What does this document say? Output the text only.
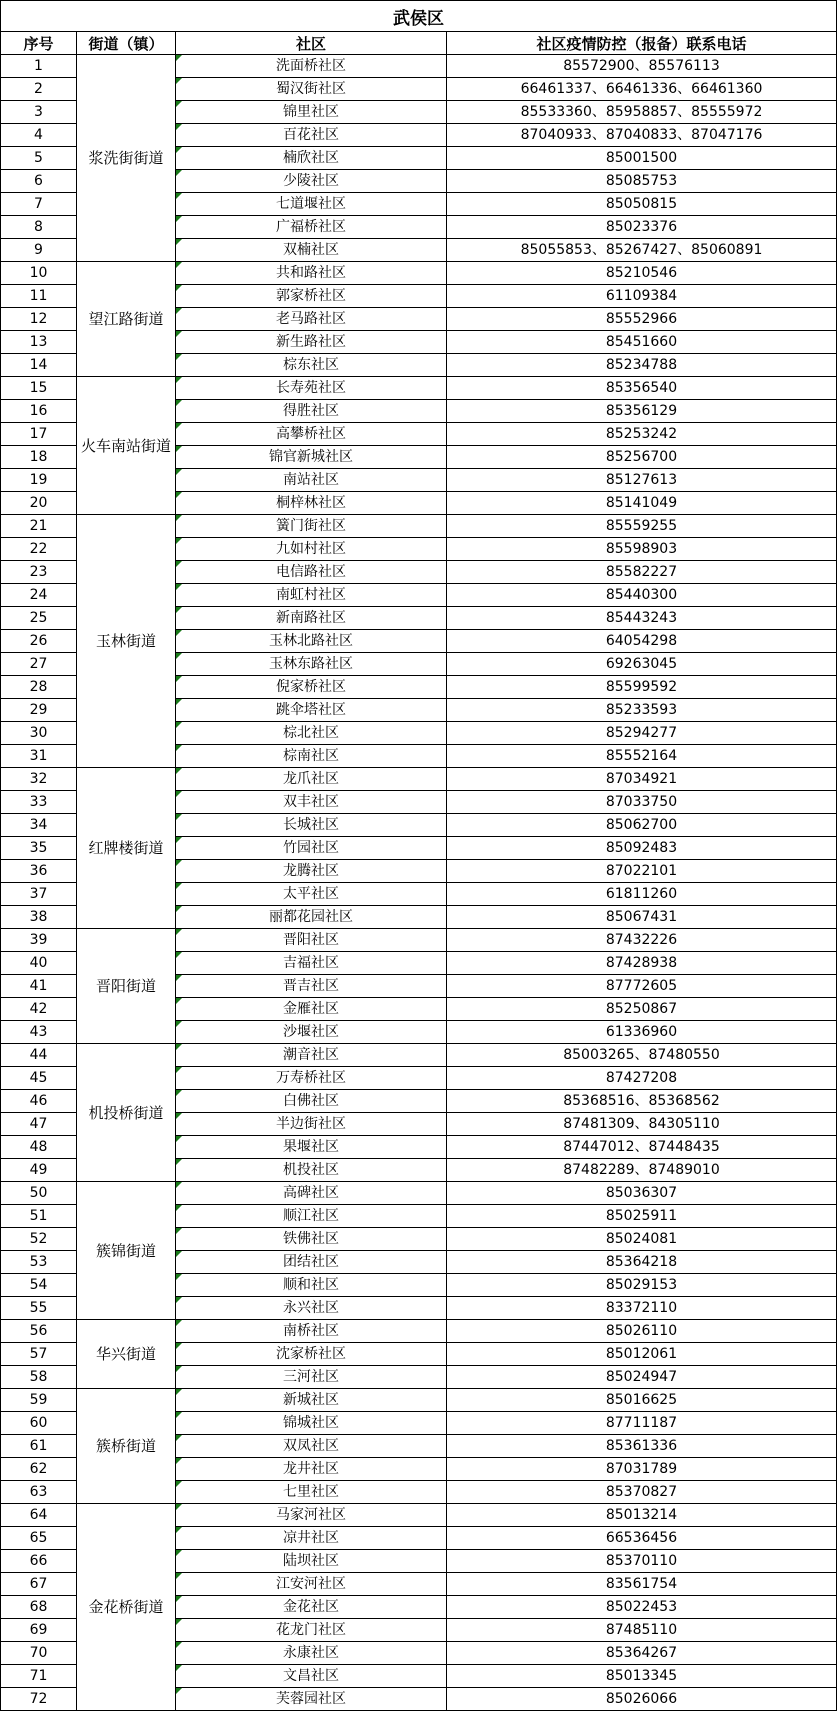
武侯区			
序号	街道（镇）	社区	社区疫情防控（报备）联系电话
1	浆洗街街道	洗面桥社区	85572900、85576113
2		蜀汉街社区	66461337、66461336、66461360
3		锦里社区	85533360、85958857、85555972
4		百花社区	87040933、87040833、87047176
5		楠欣社区	85001500
6		少陵社区	85085753
7		七道堰社区	85050815
8		广福桥社区	85023376
9		双楠社区	85055853、85267427、85060891
10	望江路街道	共和路社区	85210546
11		郭家桥社区	61109384
12		老马路社区	85552966
13		新生路社区	85451660
14		棕东社区	85234788
15	火车南站街道	长寿苑社区	85356540
16		得胜社区	85356129
17		高攀桥社区	85253242
18		锦官新城社区	85256700
19		南站社区	85127613
20		桐梓林社区	85141049
21	玉林街道	簧门街社区	85559255
22		九如村社区	85598903
23		电信路社区	85582227
24		南虹村社区	85440300
25		新南路社区	85443243
26		玉林北路社区	64054298
27		玉林东路社区	69263045
28		倪家桥社区	85599592
29		跳伞塔社区	85233593
30		棕北社区	85294277
31		棕南社区	85552164
32	红牌楼街道	龙爪社区	87034921
33		双丰社区	87033750
34		长城社区	85062700
35		竹园社区	85092483
36		龙腾社区	87022101
37		太平社区	61811260
38		丽都花园社区	85067431
39	晋阳街道	晋阳社区	87432226
40		吉福社区	87428938
41		晋吉社区	87772605
42		金雁社区	85250867
43		沙堰社区	61336960
44	机投桥街道	潮音社区	85003265、87480550
45		万寿桥社区	87427208
46		白佛社区	85368516、85368562
47		半边街社区	87481309、84305110
48		果堰社区	87447012、87448435
49		机投社区	87482289、87489010
50	簇锦街道	高碑社区	85036307
51		顺江社区	85025911
52		铁佛社区	85024081
53		团结社区	85364218
54		顺和社区	85029153
55		永兴社区	83372110
56	华兴街道	南桥社区	85026110
57		沈家桥社区	85012061
58		三河社区	85024947
59	簇桥街道	新城社区	85016625
60		锦城社区	87711187
61		双凤社区	85361336
62		龙井社区	87031789
63		七里社区	85370827
64	金花桥街道	马家河社区	85013214
65		凉井社区	66536456
66		陆坝社区	85370110
67		江安河社区	83561754
68		金花社区	85022453
69		花龙门社区	87485110
70		永康社区	85364267
71		文昌社区	85013345
72		芙蓉园社区	85026066
